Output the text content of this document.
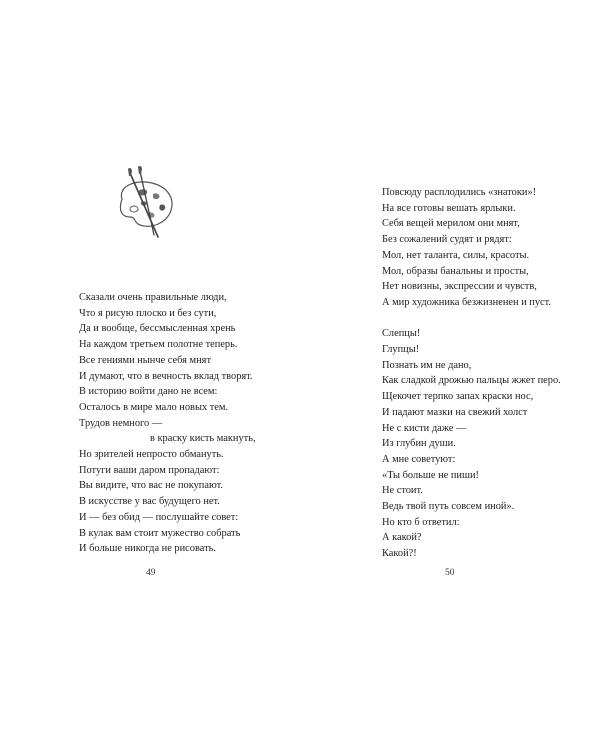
Сказали очень правильные люди,
Что я рисую плоско и без сути,
Да и вообще, бессмысленная хрень
На каждом третьем полотне теперь.
Все гениями нынче себя мнят
И думают, что в вечность вклад творят.
В историю войти дано не всем:
Осталось в мире мало новых тем.
Трудов немного —
в краску кисть макнуть,
Но зрителей непросто обмануть.
Потуги ваши даром пропадают:
Вы видите, что вас не покупают.
В искусстве у вас будущего нет.
И — без обид — послушайте совет:
В кулак вам стоит мужество собрать
И больше никогда не рисовать.
49
Повсюду расплодились «знатоки»!
На все готовы вешать ярлыки.
Себя вещей мерилом они мнят,
Без сожалений судят и рядят:
Мол, нет таланта, силы, красоты.
Мол, образы банальны и просты,
Нет новизны, экспрессии и чувств,
А мир художника безжизненен и пуст.
Слепцы!
Глупцы!
Познать им не дано,
Как сладкой дрожью пальцы жжет перо.
Щекочет терпко запах краски нос,
И падают мазки на свежий холст
Не с кисти даже —
Из глубин души.
А мне советуют:
«Ты больше не пиши!
Не стоит.
Ведь твой путь совсем иной».
Но кто б ответил:
А какой?
Какой?!
50
